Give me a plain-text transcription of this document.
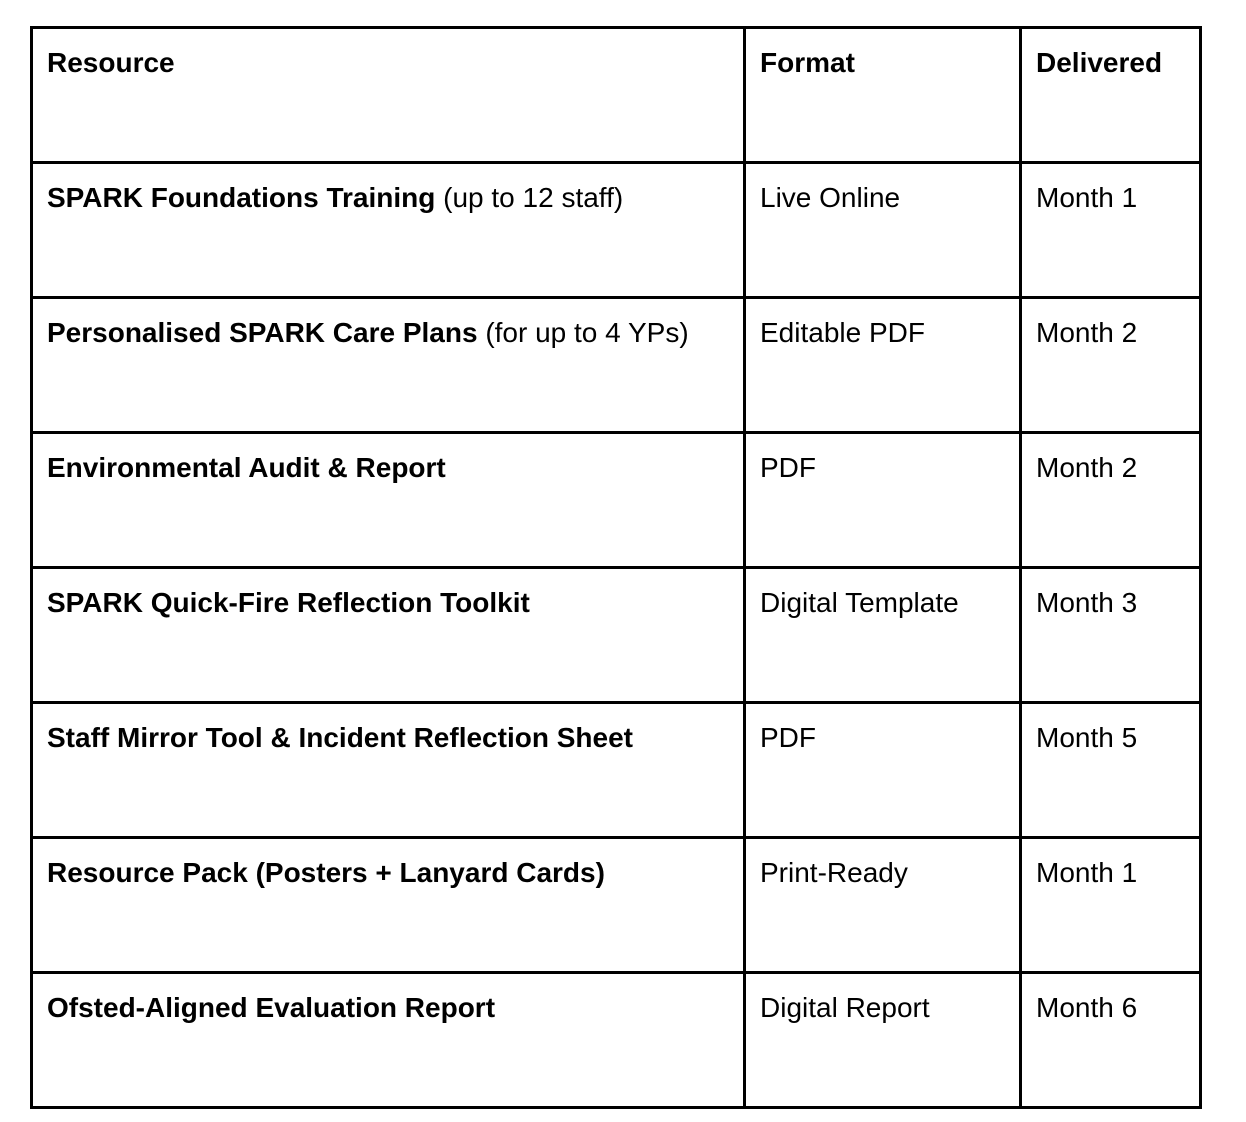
Resource	Format	Delivered
SPARK Foundations Training (up to 12 staff)	Live Online	Month 1
Personalised SPARK Care Plans (for up to 4 YPs)	Editable PDF	Month 2
Environmental Audit & Report	PDF	Month 2
SPARK Quick-Fire Reflection Toolkit	Digital Template	Month 3
Staff Mirror Tool & Incident Reflection Sheet	PDF	Month 5
Resource Pack (Posters + Lanyard Cards)	Print-Ready	Month 1
Ofsted-Aligned Evaluation Report	Digital Report	Month 6
